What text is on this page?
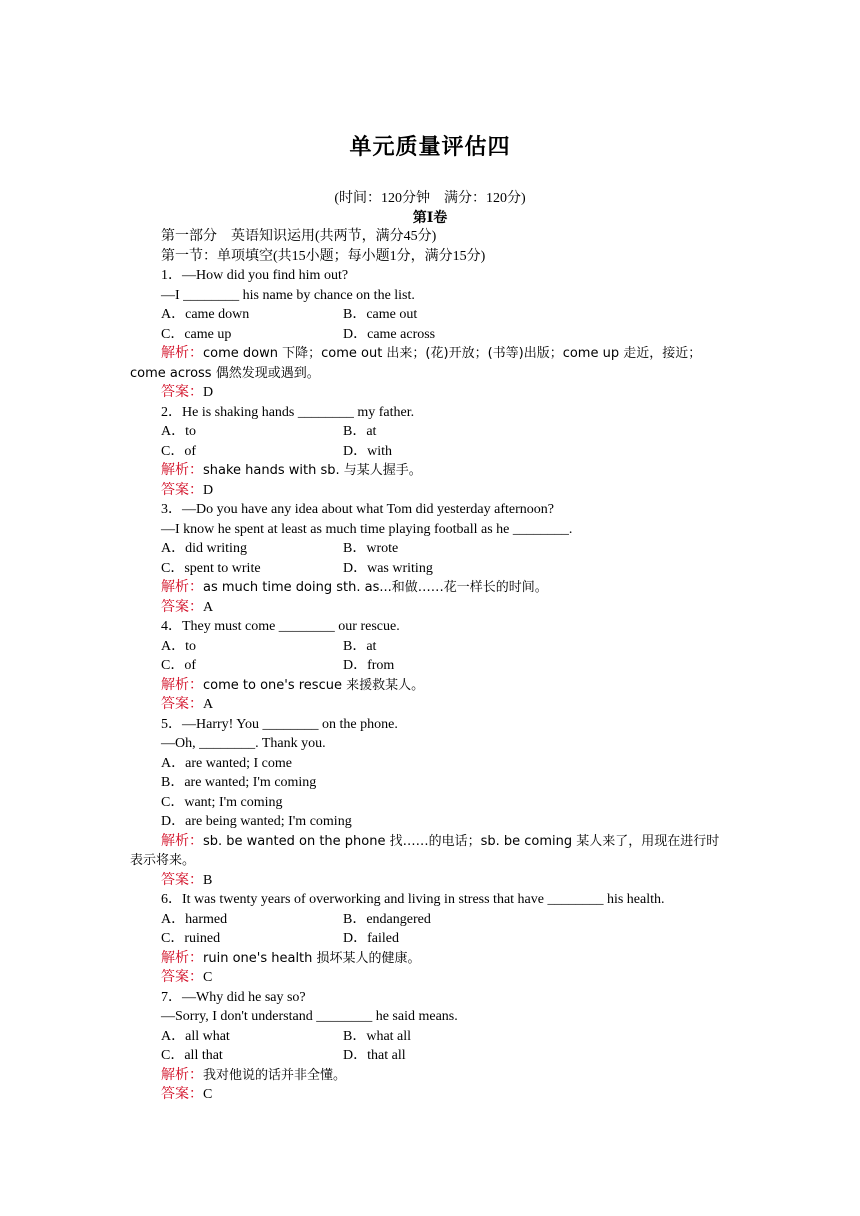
单元质量评估四
(时间：120分钟　满分：120分)
第Ⅰ卷
第一部分　英语知识运用(共两节，满分45分)
第一节：单项填空(共15小题；每小题1分，满分15分)
1．—How did you find him out?
—I ________ his name by chance on the list.
A．came down	B．came out
C．came up	D．came across
解析：come down 下降；come out 出来；(花)开放；(书等)出版；come up 走近，接近；come across 偶然发现或遇到。
答案：D
2．He is shaking hands ________ my father.
A．to	B．at
C．of	D．with
解析：shake hands with sb. 与某人握手。
答案：D
3．—Do you have any idea about what Tom did yesterday afternoon?
—I know he spent at least as much time playing football as he ________.
A．did writing	B．wrote
C．spent to write	D．was writing
解析：as much time doing sth. as...和做……花一样长的时间。
答案：A
4．They must come ________ our rescue.
A．to	B．at
C．of	D．from
解析：come to one's rescue 来援救某人。
答案：A
5．—Harry! You ________ on the phone.
—Oh, ________. Thank you.
A．are wanted; I come
B．are wanted; I'm coming
C．want; I'm coming
D．are being wanted; I'm coming
解析：sb. be wanted on the phone 找……的电话；sb. be coming 某人来了，用现在进行时表示将来。
答案：B
6．It was twenty years of overworking and living in stress that have ________ his health.
A．harmed	B．endangered
C．ruined	D．failed
解析：ruin one's health 损坏某人的健康。
答案：C
7．—Why did he say so?
—Sorry, I don't understand ________ he said means.
A．all what	B．what all
C．all that	D．that all
解析：我对他说的话并非全懂。
答案：C
